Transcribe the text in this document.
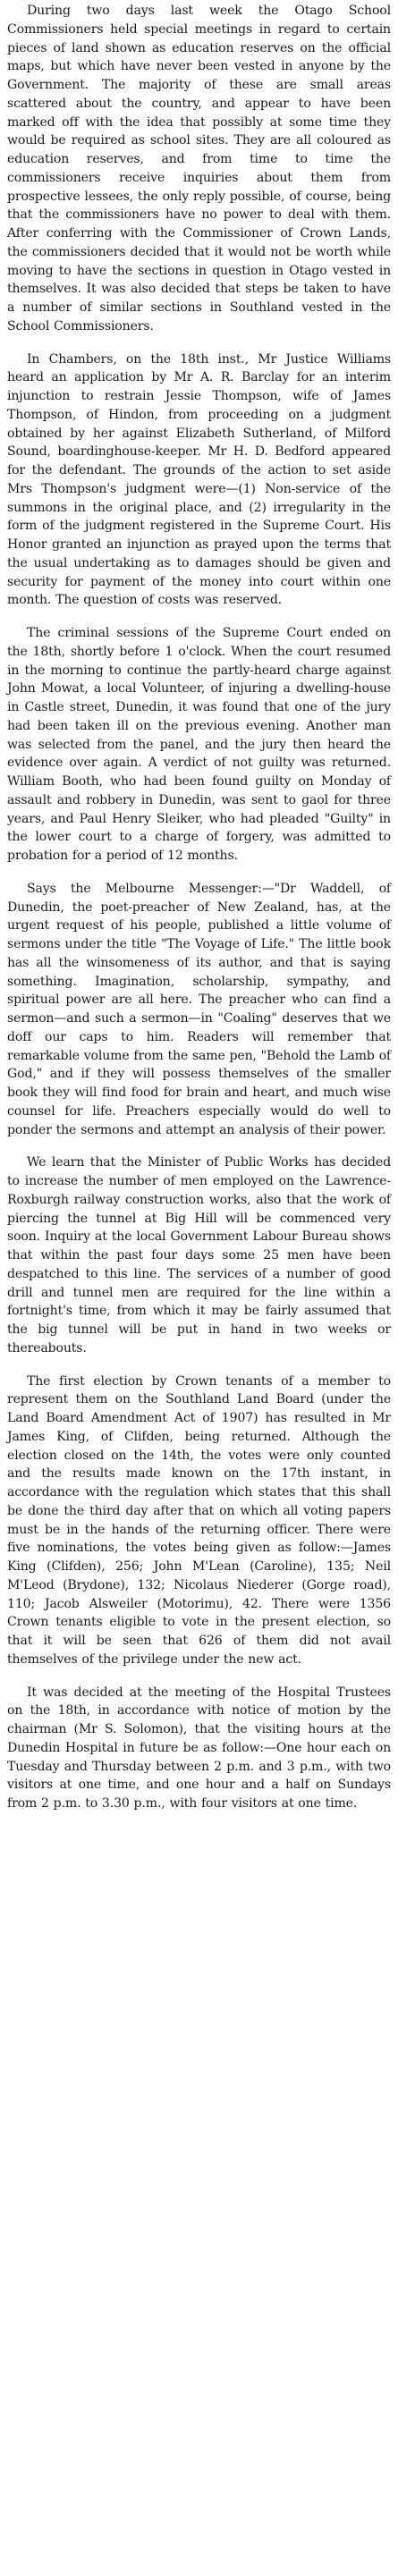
During two days last week the Otago School Commissioners held special meetings in regard to certain pieces of land shown as education reserves on the official maps, but which have never been vested in anyone by the Government. The majority of these are small areas scattered about the country, and appear to have been marked off with the idea that possibly at some time they would be required as school sites. They are all coloured as education reserves, and from time to time the commissioners receive inquiries about them from prospective lessees, the only reply possible, of course, being that the commissioners have no power to deal with them. After conferring with the Commissioner of Crown Lands, the commissioners decided that it would not be worth while moving to have the sections in question in Otago vested in themselves. It was also decided that steps be taken to have a number of similar sections in Southland vested in the School Commissioners.

In Chambers, on the 18th inst., Mr Justice Williams heard an application by Mr A. R. Barclay for an interim injunction to restrain Jessie Thompson, wife of James Thompson, of Hindon, from proceeding on a judgment obtained by her against Elizabeth Sutherland, of Milford Sound, boardinghouse-keeper. Mr H. D. Bedford appeared for the defendant. The grounds of the action to set aside Mrs Thompson's judgment were—(1) Non-service of the summons in the original place, and (2) irregularity in the form of the judgment registered in the Supreme Court. His Honor granted an injunction as prayed upon the terms that the usual undertaking as to damages should be given and security for payment of the money into court within one month. The question of costs was reserved.

The criminal sessions of the Supreme Court ended on the 18th, shortly before 1 o'clock. When the court resumed in the morning to continue the partly-heard charge against John Mowat, a local Volunteer, of injuring a dwelling-house in Castle street, Dunedin, it was found that one of the jury had been taken ill on the previous evening. Another man was selected from the panel, and the jury then heard the evidence over again. A verdict of not guilty was returned. William Booth, who had been found guilty on Monday of assault and robbery in Dunedin, was sent to gaol for three years, and Paul Henry Sleiker, who had pleaded "Guilty" in the lower court to a charge of forgery, was admitted to probation for a period of 12 months.

Says the Melbourne Messenger:—"Dr Waddell, of Dunedin, the poet-preacher of New Zealand, has, at the urgent request of his people, published a little volume of sermons under the title "The Voyage of Life." The little book has all the winsomeness of its author, and that is saying something. Imagination, scholarship, sympathy, and spiritual power are all here. The preacher who can find a sermon—and such a sermon—in "Coaling" deserves that we doff our caps to him. Readers will remember that remarkable volume from the same pen, "Behold the Lamb of God," and if they will possess themselves of the smaller book they will find food for brain and heart, and much wise counsel for life. Preachers especially would do well to ponder the sermons and attempt an analysis of their power.

We learn that the Minister of Public Works has decided to increase the number of men employed on the Lawrence-Roxburgh railway construction works, also that the work of piercing the tunnel at Big Hill will be commenced very soon. Inquiry at the local Government Labour Bureau shows that within the past four days some 25 men have been despatched to this line. The services of a number of good drill and tunnel men are required for the line within a fortnight's time, from which it may be fairly assumed that the big tunnel will be put in hand in two weeks or thereabouts.

The first election by Crown tenants of a member to represent them on the Southland Land Board (under the Land Board Amendment Act of 1907) has resulted in Mr James King, of Clifden, being returned. Although the election closed on the 14th, the votes were only counted and the results made known on the 17th instant, in accordance with the regulation which states that this shall be done the third day after that on which all voting papers must be in the hands of the returning officer. There were five nominations, the votes being given as follow:—James King (Clifden), 256; John M'Lean (Caroline), 135; Neil M'Leod (Brydone), 132; Nicolaus Niederer (Gorge road), 110; Jacob Alsweiler (Motorimu), 42. There were 1356 Crown tenants eligible to vote in the present election, so that it will be seen that 626 of them did not avail themselves of the privilege under the new act.

It was decided at the meeting of the Hospital Trustees on the 18th, in accordance with notice of motion by the chairman (Mr S. Solomon), that the visiting hours at the Dunedin Hospital in future be as follow:—One hour each on Tuesday and Thursday between 2 p.m. and 3 p.m., with two visitors at one time, and one hour and a half on Sundays from 2 p.m. to 3.30 p.m., with four visitors at one time.
